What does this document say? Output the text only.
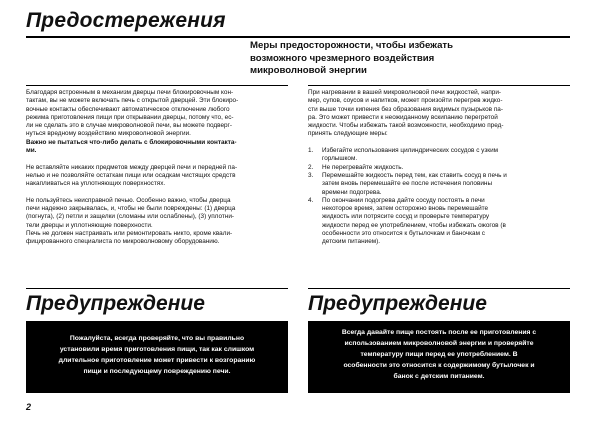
Предостережения
Меры предосторожности, чтобы избежать
возможного чрезмерного воздействия
микроволновой энергии

Благодаря встроенным в механизм дверцы печи блокировочным кон-
тактам, вы не можете включать печь с открытой дверцей. Эти блокиро-
вочные контакты обеспечивают автоматическое отключение любого
режима приготовления пищи при открывании дверцы, потому что, ес-
ли не сделать это в случае микроволновой печи, вы можете подверг-
нуться вредному воздействию микроволновой энергии.
Важно не пытаться что-либо делать с блокировочными контакта-
ми.

Не вставляйте никаких предметов между дверцей печи и передней па-
нелью и не позволяйте остаткам пищи или осадкам чистящих средств
накапливаться на уплотняющих поверхностях.

Не пользуйтесь неисправной печью. Особенно важно, чтобы дверца
печи надежно закрывалась, и, чтобы не были повреждены: (1) дверца
(погнута), (2) петли и защелки (сломаны или ослаблены), (3) уплотни-
тели дверцы и уплотняющие поверхности.
Печь не должен настраивать или ремонтировать никто, кроме квали-
фицированного специалиста по микроволновому оборудованию.

При нагревании в вашей микроволновой печи жидкостей, напри-
мер, супов, соусов и напитков, может произойти перегрев жидко-
сти выше точки кипения без образования видимых пузырьков па-
ра. Это может привести к неожиданному вскипанию перегретой
жидкости. Чтобы избежать такой возможности, необходимо пред-
принять следующие меры:

1. Избегайте использования цилиндрических сосудов с узким
горлышком.
2. Не перегревайте жидкость.
3. Перемешайте жидкость перед тем, как ставить сосуд в печь и
затем вновь перемешайте ее после истечения половины
времени подогрева.
4. По окончании подогрева дайте сосуду постоять в печи
некоторое время, затем осторожно вновь перемешайте
жидкость или потрясите сосуд и проверьте температуру
жидкости перед ее употреблением, чтобы избежать ожогов (в
особенности это относится к бутылочкам и баночкам с
детским питанием).
Предупреждение

Пожалуйста, всегда проверяйте, что вы правильно

установили время приготовления пищи, так как слишком

длительное приготовление может привести к возгоранию

пищи и последующему повреждению печи.

Предупреждение

Всегда давайте пище постоять после ее приготовления с

использованием микроволновой энергии и проверяйте

температуру пищи перед ее употреблением. В

особенности это относится к содержимому бутылочек и

банок с детским питанием.

2
